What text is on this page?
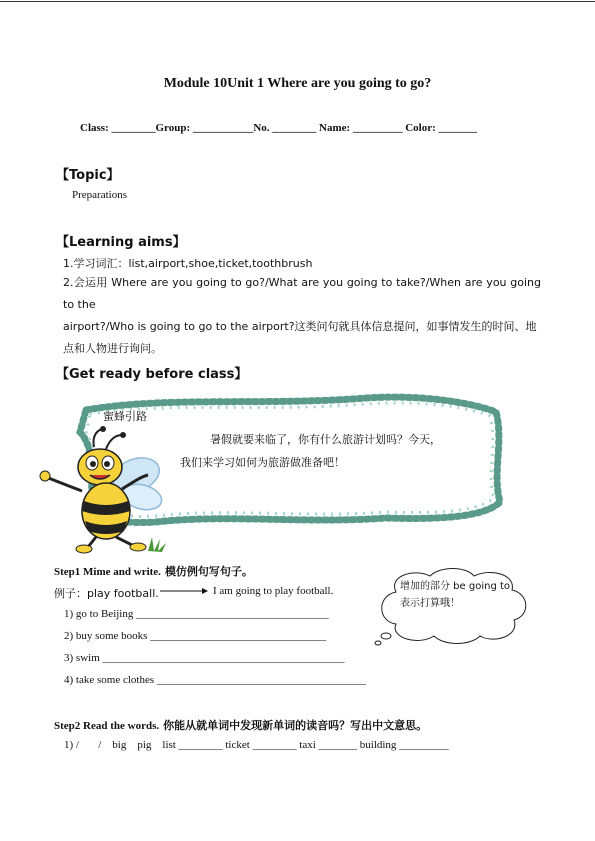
Module 10Unit 1 Where are you going to go?
Class: ________Group: ___________No. ________ Name: _________ Color: _______
【Topic】
Preparations
【Learning aims】
1.学习词汇：list,airport,shoe,ticket,toothbrush
2.会运用 Where are you going to go?/What are you going to take?/When are you going to the
airport?/Who is going to go to the airport?这类问句就具体信息提问，如事情发生的时间、地
点和人物进行询问。
【Get ready before class】
蜜蜂引路
暑假就要来临了，你有什么旅游计划吗？今天，
我们来学习如何为旅游做准备吧！
Step1 Mime and write. 模仿例句写句子。
例子：play football.	I am going to play football.
1) go to Beijing ___________________________________
2) buy some books ________________________________
3) swim ____________________________________________
4) take some clothes ______________________________________
增加的部分 be going to 表示打算哦！
Step2 Read the words. 你能从就单词中发现新单词的读音吗？写出中文意思。
1) /       /    big    pig    list ________ ticket ________ taxi _______ building _________
